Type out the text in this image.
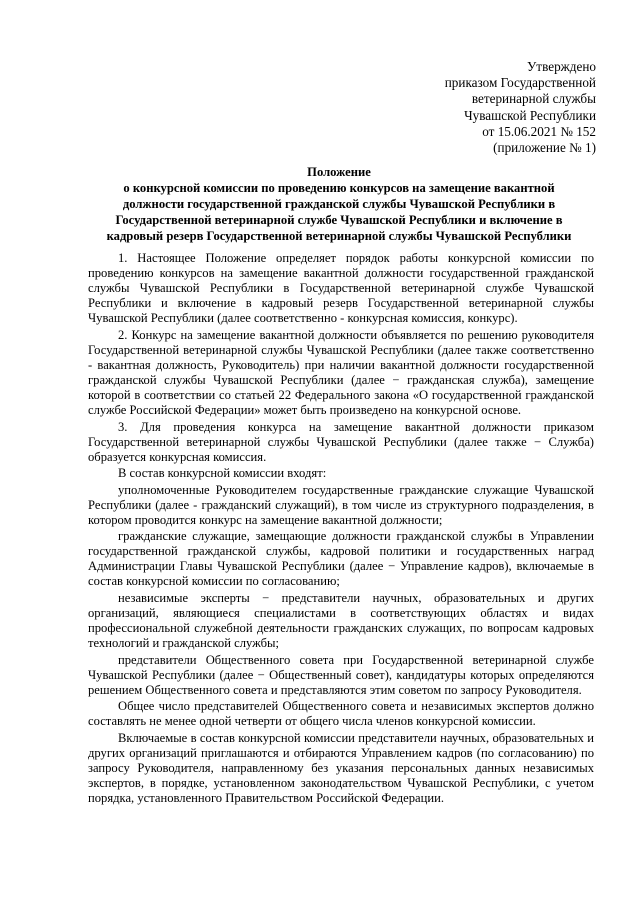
Утверждено
приказом Государственной
ветеринарной службы
Чувашской Республики
от 15.06.2021 № 152
(приложение № 1)
Положение
о конкурсной комиссии по проведению конкурсов на замещение вакантной
должности государственной гражданской службы Чувашской Республики в
Государственной ветеринарной службе Чувашской Республики и включение в
кадровый резерв Государственной ветеринарной службы Чувашской Республики

1. Настоящее Положение определяет порядок работы конкурсной комиссии по проведению конкурсов на замещение вакантной должности государственной гражданской службы Чувашской Республики в Государственной ветеринарной службе Чувашской Республики и включение в кадровый резерв Государственной ветеринарной службы Чувашской Республики (далее соответственно - конкурсная комиссия, конкурс).

2. Конкурс на замещение вакантной должности объявляется по решению руководителя Государственной ветеринарной службы Чувашской Республики (далее также соответственно - вакантная должность, Руководитель) при наличии вакантной должности государственной гражданской службы Чувашской Республики (далее − гражданская служба), замещение которой в соответствии со статьей 22 Федерального закона «О государственной гражданской службе Российской Федерации» может быть произведено на конкурсной основе.

3. Для проведения конкурса на замещение вакантной должности приказом Государственной ветеринарной службы Чувашской Республики (далее также − Служба) образуется конкурсная комиссия.

В состав конкурсной комиссии входят:

уполномоченные Руководителем государственные гражданские служащие Чувашской Республики (далее - гражданский служащий), в том числе из структурного подразделения, в котором проводится конкурс на замещение вакантной должности;

гражданские служащие, замещающие должности гражданской службы в Управлении государственной гражданской службы, кадровой политики и государственных наград Администрации Главы Чувашской Республики (далее − Управление кадров), включаемые в состав конкурсной комиссии по согласованию;

независимые эксперты − представители научных, образовательных и других организаций, являющиеся специалистами в соответствующих областях и видах профессиональной служебной деятельности гражданских служащих, по вопросам кадровых технологий и гражданской службы;

представители Общественного совета при Государственной ветеринарной службе Чувашской Республики (далее − Общественный совет), кандидатуры которых определяются решением Общественного совета и представляются этим советом по запросу Руководителя.

Общее число представителей Общественного совета и независимых экспертов должно составлять не менее одной четверти от общего числа членов конкурсной комиссии.

Включаемые в состав конкурсной комиссии представители научных, образовательных и других организаций приглашаются и отбираются Управлением кадров (по согласованию) по запросу Руководителя, направленному без указания персональных данных независимых экспертов, в порядке, установленном законодательством Чувашской Республики, с учетом порядка, установленного Правительством Российской Федерации.
